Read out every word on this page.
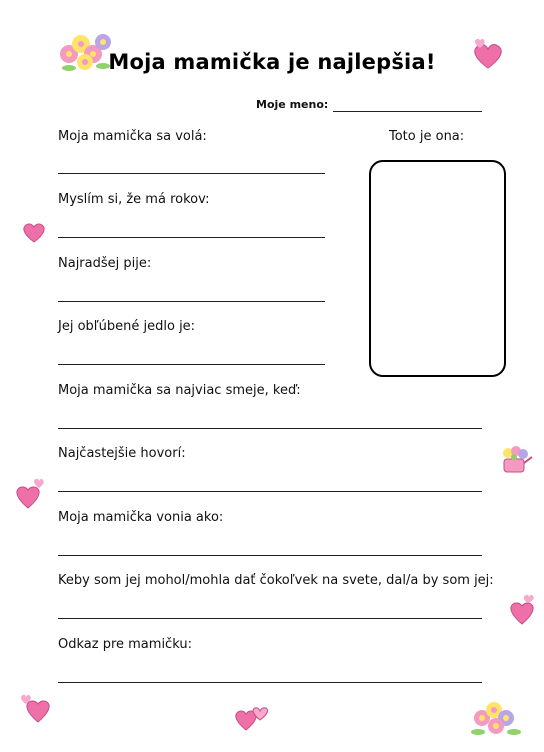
Moja mamička je najlepšia!
Moje meno:
Toto je ona:
Moja mamička sa volá:
Myslím si, že má rokov:
Najradšej pije:
Jej obľúbené jedlo je:
Moja mamička sa najviac smeje, keď:
Najčastejšie hovorí:
Moja mamička vonia ako:
Keby som jej mohol/mohla dať čokoľvek na svete, dal/a by som jej:
Odkaz pre mamičku:
